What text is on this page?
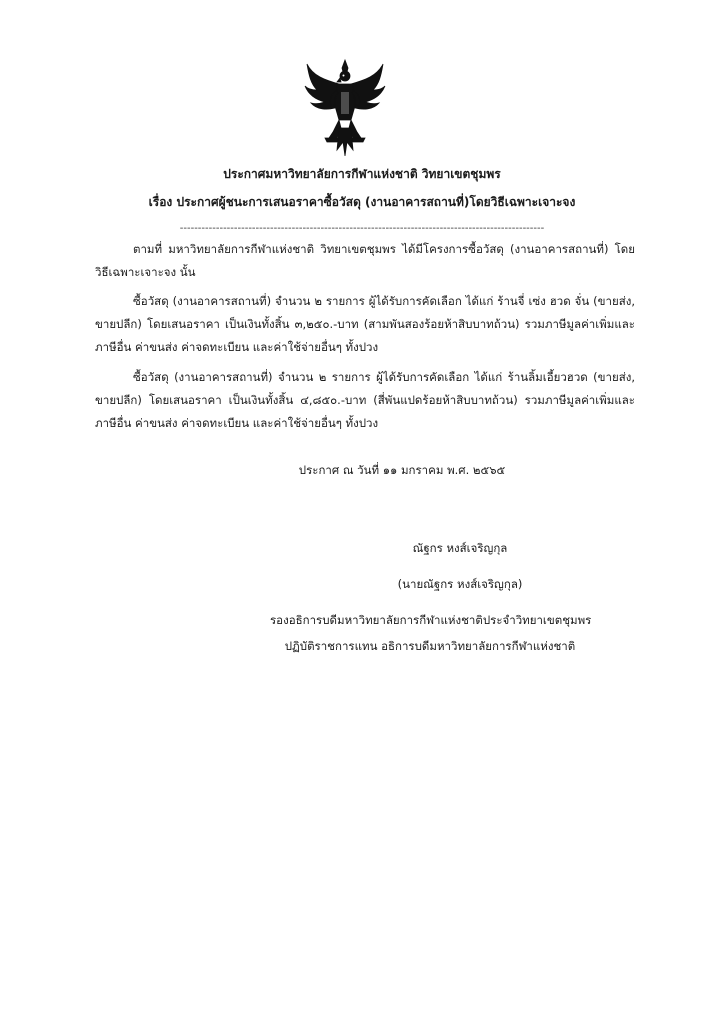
ประกาศมหาวิทยาลัยการกีฬาแห่งชาติ วิทยาเขตชุมพร
เรื่อง ประกาศผู้ชนะการเสนอราคาซื้อวัสดุ (งานอาคารสถานที่)โดยวิธีเฉพาะเจาะจง
-----------------------------------------------------------------------------------------------------
ตามที่ มหาวิทยาลัยการกีฬาแห่งชาติ วิทยาเขตชุมพร ได้มีโครงการซื้อวัสดุ (งานอาคารสถานที่) โดยวิธีเฉพาะเจาะจง นั้น
ซื้อวัสดุ (งานอาคารสถานที่) จำนวน ๒ รายการ ผู้ได้รับการคัดเลือก ได้แก่ ร้านจี่ เซ่ง ฮวด จั่น (ขายส่ง, ขายปลีก) โดยเสนอราคา เป็นเงินทั้งสิ้น ๓,๒๕๐.-บาท (สามพันสองร้อยห้าสิบบาทถ้วน) รวมภาษีมูลค่าเพิ่มและภาษีอื่น ค่าขนส่ง ค่าจดทะเบียน และค่าใช้จ่ายอื่นๆ ทั้งปวง
ซื้อวัสดุ (งานอาคารสถานที่) จำนวน ๒ รายการ ผู้ได้รับการคัดเลือก ได้แก่ ร้านลิ้มเอี้ยวฮวด (ขายส่ง, ขายปลีก) โดยเสนอราคา เป็นเงินทั้งสิ้น ๔,๘๕๐.-บาท (สี่พันแปดร้อยห้าสิบบาทถ้วน) รวมภาษีมูลค่าเพิ่มและภาษีอื่น ค่าขนส่ง ค่าจดทะเบียน และค่าใช้จ่ายอื่นๆ ทั้งปวง
ประกาศ ณ วันที่ ๑๑ มกราคม พ.ศ. ๒๕๖๕
ณัฐกร หงส์เจริญกุล
(นายณัฐกร หงส์เจริญกุล)
รองอธิการบดีมหาวิทยาลัยการกีฬาแห่งชาติประจำวิทยาเขตชุมพร
ปฏิบัติราชการแทน อธิการบดีมหาวิทยาลัยการกีฬาแห่งชาติ
